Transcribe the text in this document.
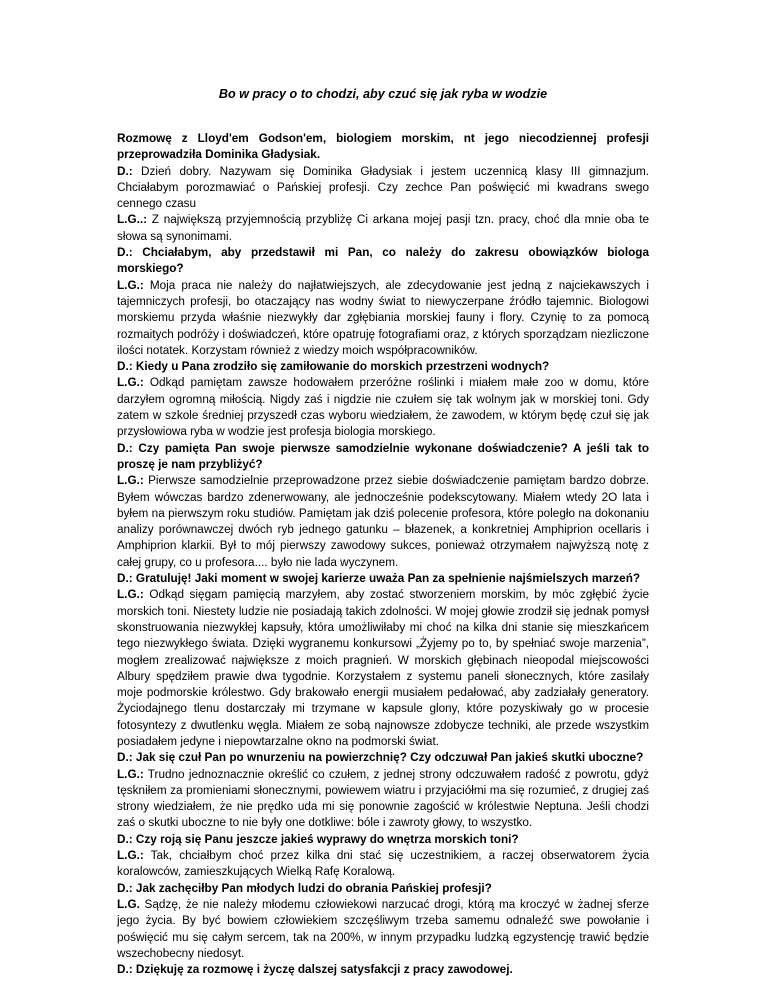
Bo w pracy o to chodzi, aby czuć się jak ryba w wodzie

Rozmowę z Lloyd'em Godson'em, biologiem morskim, nt jego niecodziennej profesji przeprowadziła Dominika Gładysiak.

D.: Dzień dobry. Nazywam się Dominika Gładysiak i jestem uczennicą klasy III gimnazjum. Chciałabym porozmawiać o Pańskiej profesji. Czy zechce Pan poświęcić mi kwadrans swego cennego czasu

L.G..: Z największą przyjemnością przybliżę Ci arkana mojej pasji tzn. pracy, choć dla mnie oba te słowa są synonimami.

D.: Chciałabym, aby przedstawił mi Pan, co należy do zakresu obowiązków biologa morskiego?

L.G.: Moja praca nie należy do najłatwiejszych, ale zdecydowanie jest jedną z najciekawszych i tajemniczych profesji, bo otaczający nas wodny świat to niewyczerpane źródło tajemnic. Biologowi morskiemu przyda właśnie niezwykły dar zgłębiania morskiej fauny i flory. Czynię to za pomocą rozmaitych podróży i doświadczeń, które opatruję fotografiami oraz, z których sporządzam niezliczone ilości notatek. Korzystam również z wiedzy moich współpracowników.

D.: Kiedy u Pana zrodziło się zamiłowanie do morskich przestrzeni wodnych?

L.G.: Odkąd pamiętam zawsze hodowałem przeróżne roślinki i miałem małe zoo w domu, które darzyłem ogromną miłością. Nigdy zaś i nigdzie nie czułem się tak wolnym jak w morskiej toni. Gdy zatem w szkole średniej przyszedł czas wyboru wiedziałem, że zawodem, w którym będę czuł się jak przysłowiowa ryba w wodzie jest profesja biologia morskiego.

D.: Czy pamięta Pan swoje pierwsze samodzielnie wykonane doświadczenie? A jeśli tak to proszę je nam przybliżyć?

L.G.: Pierwsze samodzielnie przeprowadzone przez siebie doświadczenie pamiętam bardzo dobrze. Byłem wówczas bardzo zdenerwowany, ale jednocześnie podekscytowany. Miałem wtedy 2O lata i byłem na pierwszym roku studiów. Pamiętam jak dziś polecenie profesora, które poległo na dokonaniu analizy porównawczej dwóch ryb jednego gatunku – błazenek, a konkretniej Amphiprion ocellaris i Amphiprion klarkii. Był to mój pierwszy zawodowy sukces, ponieważ otrzymałem najwyższą notę z całej grupy, co u profesora.... było nie lada wyczynem.

D.: Gratuluję! Jaki moment w swojej karierze uważa Pan za spełnienie najśmielszych marzeń?

L.G.: Odkąd sięgam pamięcią marzyłem, aby zostać stworzeniem morskim, by móc zgłębić życie morskich toni. Niestety ludzie nie posiadają takich zdolności. W mojej głowie zrodził się jednak pomysł skonstruowania niezwykłej kapsuły, która umożliwiłaby mi choć na kilka dni stanie się mieszkańcem tego niezwykłego świata. Dzięki wygranemu konkursowi „Żyjemy po to, by spełniać swoje marzenia”, mogłem zrealizować największe z moich pragnień. W morskich głębinach nieopodal miejscowości Albury spędziłem prawie dwa tygodnie. Korzystałem z systemu paneli słonecznych, które zasilały moje podmorskie królestwo. Gdy brakowało energii musiałem pedałować, aby zadziałały generatory. Życiodajnego tlenu dostarczały mi trzymane w kapsule glony, które pozyskiwały go w procesie fotosyntezy z dwutlenku węgla. Miałem ze sobą najnowsze zdobycze techniki, ale przede wszystkim posiadałem jedyne i niepowtarzalne okno na podmorski świat.

D.: Jak się czuł Pan po wnurzeniu na powierzchnię? Czy odczuwał Pan jakieś skutki uboczne?

L.G.: Trudno jednoznacznie określić co czułem, z jednej strony odczuwałem radość z powrotu, gdyż tęskniłem za promieniami słonecznymi, powiewem wiatru i przyjaciółmi ma się rozumieć, z drugiej zaś strony wiedziałem, że nie prędko uda mi się ponownie zagościć w królestwie Neptuna. Jeśli chodzi zaś o skutki uboczne to nie były one dotkliwe: bóle i zawroty głowy, to wszystko.

D.: Czy roją się Panu jeszcze jakieś wyprawy do wnętrza morskich toni?

L.G.: Tak, chciałbym choć przez kilka dni stać się uczestnikiem, a raczej obserwatorem życia koralowców, zamieszkujących Wielką Rafę Koralową.

D.: Jak zachęciłby Pan młodych ludzi do obrania Pańskiej profesji?

L.G. Sądzę, że nie należy młodemu człowiekowi narzucać drogi, którą ma kroczyć w żadnej sferze jego życia. By być bowiem człowiekiem szczęśliwym trzeba samemu odnaleźć swe powołanie i poświęcić mu się całym sercem, tak na 200%, w innym przypadku ludzką egzystencję trawić będzie wszechobecny niedosyt.

D.: Dziękuję za rozmowę i życzę dalszej satysfakcji z pracy zawodowej.
